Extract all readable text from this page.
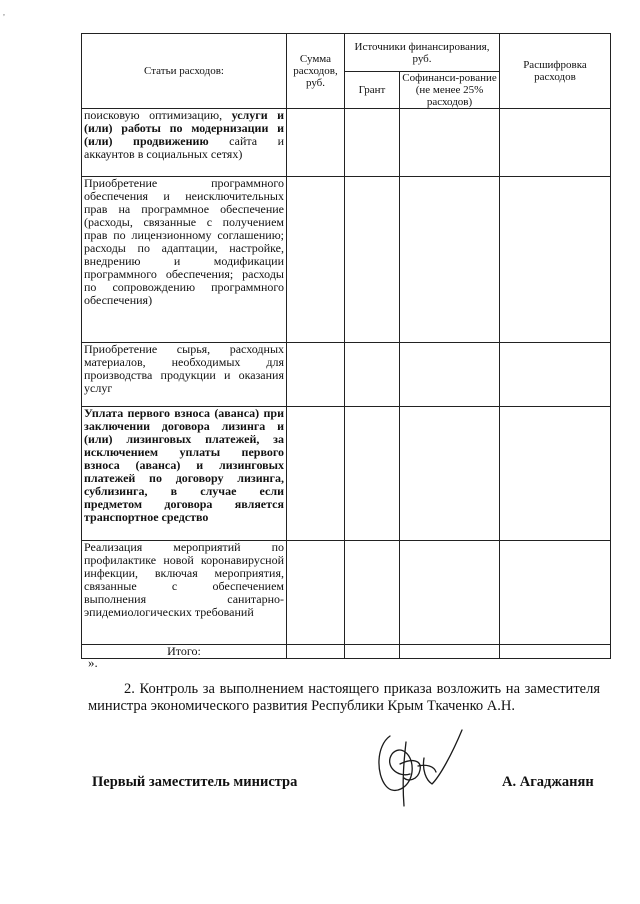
,
Статьи расходов:	Сумма расходов, руб.	Источники финансирования, руб.		Расшифровка расходов
		Грант	Софинанси-рование (не менее 25% расходов)	
поисковую оптимизацию, услуги и (или) работы по модернизации и (или) продвижению сайта и аккаунтов в социальных сетях)				
Приобретение программного обеспечения и неисключительных прав на программное обеспечение (расходы, связанные с получением прав по лицензионному соглашению; расходы по адаптации, настройке, внедрению и модификации программного обеспечения; расходы по сопровождению программного обеспечения)				
Приобретение сырья, расходных материалов, необходимых для производства продукции и оказания услуг				
Уплата первого взноса (аванса) при заключении договора лизинга и (или) лизинговых платежей, за исключением уплаты первого взноса (аванса) и лизинговых платежей по договору лизинга, сублизинга, в случае если предметом договора является транспортное средство				
Реализация мероприятий по профилактике новой коронавирусной инфекции, включая мероприятия, связанные с обеспечением выполнения санитарно-эпидемиологических требований				
Итого:				
».
2. Контроль за выполнением настоящего приказа возложить на заместителя министра экономического развития Республики Крым Ткаченко А.Н.
Первый заместитель министра	А. Агаджанян
